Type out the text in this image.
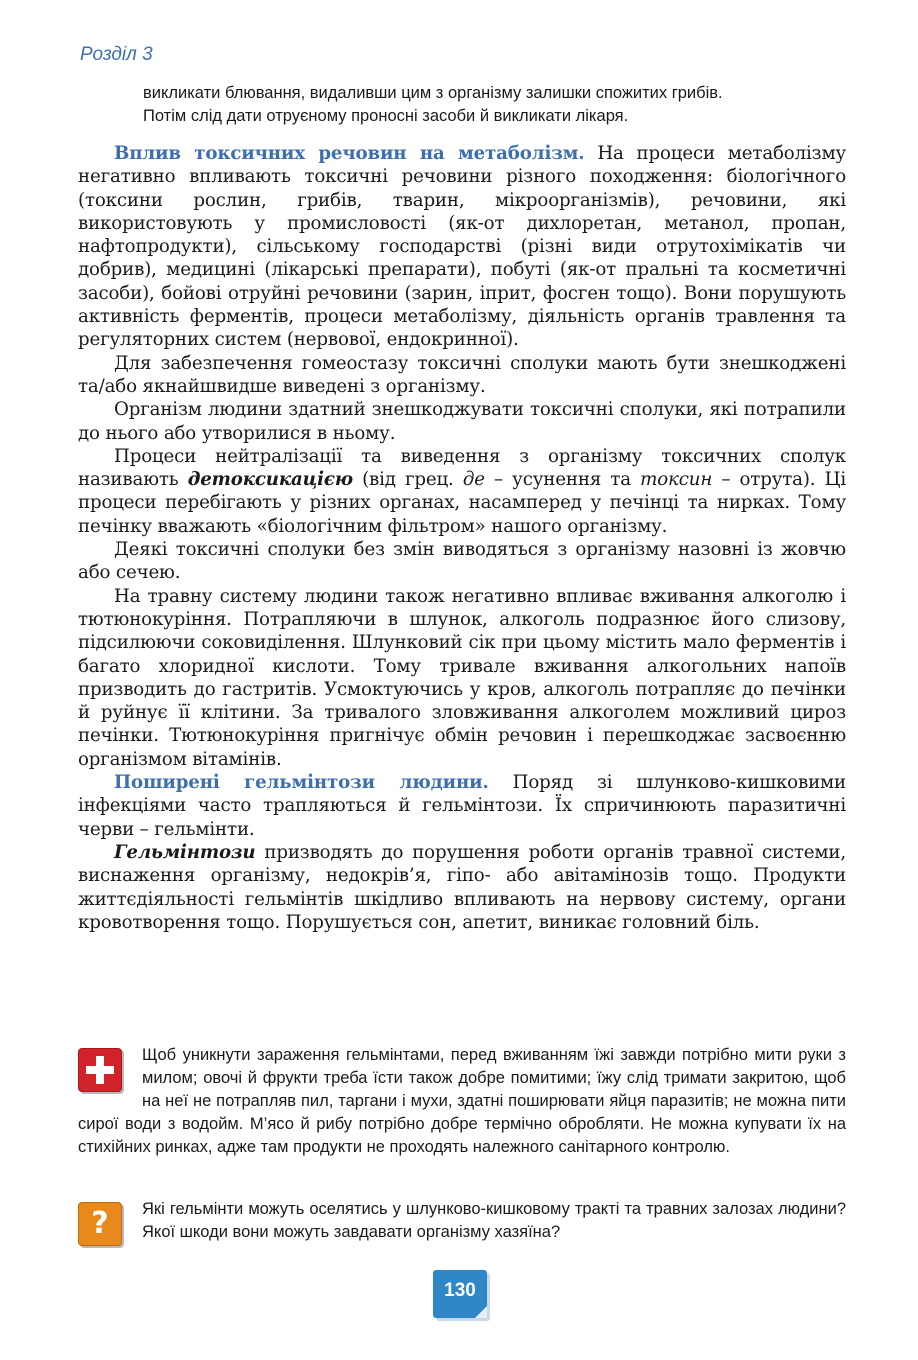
Розділ 3

викликати блювання, видаливши цим з організму залишки спожитих грибів.

Потім слід дати отруєному проносні засоби й викликати лікаря.

Вплив токсичних речовин на метаболізм. На процеси метаболізму негативно впливають токсичні речовини різного походження: біологічного (токсини рослин, грибів, тварин, мікроорганізмів), речовини, які використовують у промисловості (як-от дихлоретан, метанол, пропан, нафтопродукти), сільському господарстві (різні види отрутохімікатів чи добрив), медицині (лікарські препарати), побуті (як-от пральні та косметичні засоби), бойові отруйні речовини (зарин, іприт, фосген тощо). Вони порушують активність ферментів, процеси метаболізму, діяльність органів травлення та регуляторних систем (нервової, ендокринної).

Для забезпечення гомеостазу токсичні сполуки мають бути знешкоджені та/або якнайшвидше виведені з організму.

Організм людини здатний знешкоджувати токсичні сполуки, які потрапили до нього або утворилися в ньому.

Процеси нейтралізації та виведення з організму токсичних сполук називають детоксикацією (від грец. де – усунення та токсин – отрута). Ці процеси перебігають у різних органах, насамперед у печінці та нирках. Тому печінку вважають «біологічним фільтром» нашого організму.

Деякі токсичні сполуки без змін виводяться з організму назовні із жовчю або сечею.

На травну систему людини також негативно впливає вживання алкоголю і тютюнокуріння. Потрапляючи в шлунок, алкоголь подразнює його слизову, підсилюючи соковиділення. Шлунковий сік при цьому містить мало ферментів і багато хлоридної кислоти. Тому тривале вживання алкогольних напоїв призводить до гастритів. Усмоктуючись у кров, алкоголь потрапляє до печінки й руйнує її клітини. За тривалого зловживання алкоголем можливий цироз печінки. Тютюнокуріння пригнічує обмін речовин і перешкоджає засвоєнню організмом вітамінів.

Поширені гельмінтози людини. Поряд зі шлунково-кишковими інфекціями часто трапляються й гельмінтози. Їх спричинюють паразитичні черви – гельмінти.

Гельмінтози призводять до порушення роботи органів травної системи, виснаження організму, недокрів’я, гіпо- або авітамінозів тощо. Продукти життєдіяльності гельмінтів шкідливо впливають на нервову систему, органи кровотворення тощо. Порушується сон, апетит, виникає головний біль.

Щоб уникнути зараження гельмінтами, перед вживанням їжі завжди потрібно мити руки з милом; овочі й фрукти треба їсти також добре помитими; їжу слід тримати закритою, щоб на неї не потрапляв пил, таргани і мухи, здатні поширювати яйця паразитів; не можна пити сирої води з водойм. М’ясо й рибу потрібно добре термічно обробляти. Не можна купувати їх на стихійних ринках, адже там продукти не проходять належного санітарного контролю.

?	Які гельмінти можуть оселятись у шлунково-кишковому тракті та травних залозах людини? Якої шкоди вони можуть завдавати організму хазяїна?

130
